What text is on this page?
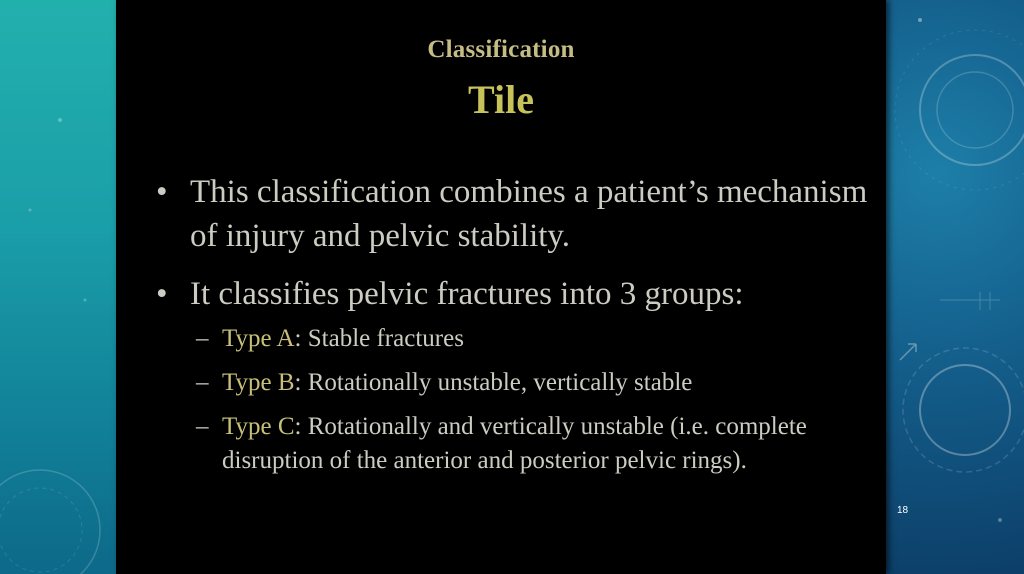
Classification
Tile
• This classification combines a patient’s mechanism of injury and pelvic stability.
• It classifies pelvic fractures into 3 groups:
– Type A: Stable fractures
– Type B: Rotationally unstable, vertically stable
– Type C: Rotationally and vertically unstable (i.e. complete disruption of the anterior and posterior pelvic rings).
18
